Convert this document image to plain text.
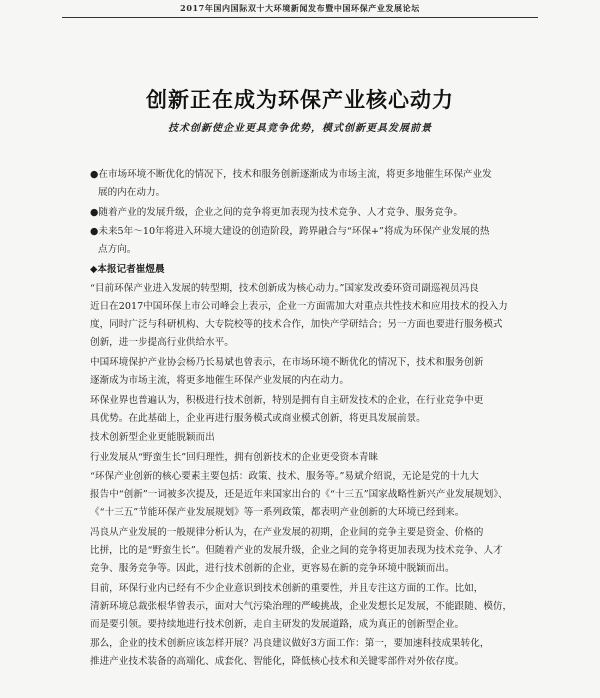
2017年国内国际双十大环境新闻发布暨中国环保产业发展论坛
创新正在成为环保产业核心动力
技术创新使企业更具竞争优势，模式创新更具发展前景

●在市场环境不断优化的情况下，技术和服务创新逐渐成为市场主流，将更多地催生环保产业发
展的内在动力。

●随着产业的发展升级，企业之间的竞争将更加表现为技术竞争、人才竞争、服务竞争。

●未来5年～10年将进入环境大建设的创造阶段，跨界融合与“环保+”将成为环保产业发展的热
点方向。

◆本报记者崔煜晨

“目前环保产业进入发展的转型期，技术创新成为核心动力。”国家发改委环资司副巡视员冯良
近日在2017中国环保上市公司峰会上表示，企业一方面需加大对重点共性技术和应用技术的投入力
度，同时广泛与科研机构、大专院校等的技术合作，加快产学研结合；另一方面也要进行服务模式
创新，进一步提高行业供给水平。

中国环境保护产业协会杨乃长易斌也曾表示，在市场环境不断优化的情况下，技术和服务创新
逐渐成为市场主流，将更多地催生环保产业发展的内在动力。

环保业界也普遍认为，积极进行技术创新，特别是拥有自主研发技术的企业，在行业竞争中更
具优势。在此基础上，企业再进行服务模式或商业模式创新，将更具发展前景。

技术创新型企业更能脱颖而出

行业发展从“野蛮生长”回归理性，拥有创新技术的企业更受资本青睐

“环保产业创新的核心要素主要包括：政策、技术、服务等。”易斌介绍说，无论是党的十九大
报告中“创新”一词被多次提及，还是近年来国家出台的《“十三五”国家战略性新兴产业发展规划》、
《“十三五”节能环保产业发展规划》等一系列政策，都表明产业创新的大环境已经到来。

冯良从产业发展的一般规律分析认为，在产业发展的初期，企业间的竞争主要是资金、价格的
比拼，比的是“野蛮生长”。但随着产业的发展升级，企业之间的竞争将更加表现为技术竞争、人才
竞争、服务竞争等。因此，进行技术创新的企业，更容易在新的竞争环境中脱颖而出。

目前，环保行业内已经有不少企业意识到技术创新的重要性，并且专注这方面的工作。比如，
清新环境总裁张根华曾表示，面对大气污染治理的严峻挑战，企业发想长足发展，不能跟随、模仿，
而是要引领。要持续地进行技术创新，走自主研发的发展道路，成为真正的创新型企业。

那么，企业的技术创新应该怎样开展？冯良建议做好3方面工作：第一，要加速科技成果转化，
推进产业技术装备的高端化、成套化、智能化，降低核心技术和关键零部件对外依存度。
